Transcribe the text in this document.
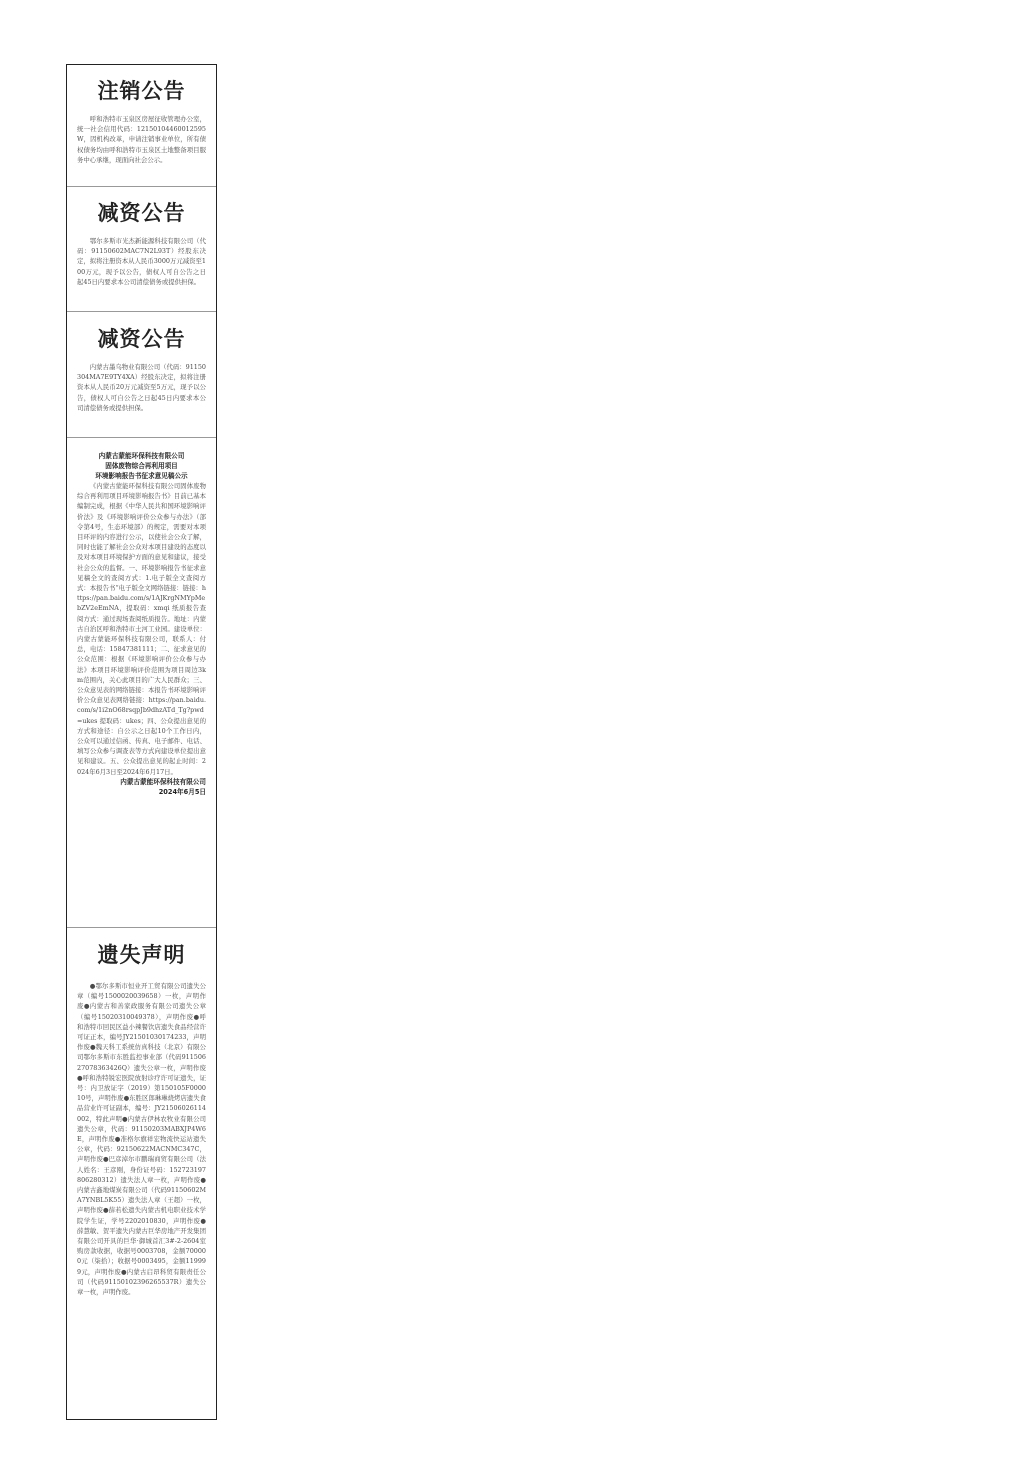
注销公告

呼和浩特市玉泉区房屋征收管理办公室，统一社会信用代码：12150104460012595W，因机构改革，申请注销事业单位，所有债权债务均由呼和浩特市玉泉区土地整备项目服务中心承继，现面向社会公示。

减资公告

鄂尔多斯市光杰新能源科技有限公司（代码：91150602MAC7N2L93T）经股东决定，拟将注册资本从人民币3000万元减资至100万元，现予以公告，债权人可自公告之日起45日内要求本公司清偿债务或提供担保。

减资公告

内蒙古墨乌物业有限公司（代码：91150304MA7E9TY4XA）经股东决定，拟将注册资本从人民币20万元减资至5万元，现予以公告，债权人可自公告之日起45日内要求本公司清偿债务或提供担保。

内蒙古蒙能环保科技有限公司

固体废物综合再利用项目

环境影响报告书征求意见稿公示

《内蒙古蒙能环保科技有限公司固体废物综合再利用项目环境影响报告书》目前已基本编制完成，根据《中华人民共和国环境影响评价法》及《环境影响评价公众参与办法》（部令第4号，生态环境部）的规定，需要对本项目环评的内容进行公示，以使社会公众了解，同时也能了解社会公众对本项目建设的态度以及对本项目环境保护方面的意见和建议，接受社会公众的监督。一、环境影响报告书征求意见稿全文的查阅方式：1.电子版全文查阅方式：本报告书“电子版全文网络链接：链接：https://pan.baidu.com/s/1AJKrgNMYpMebZV2eEmNA，提取码：xmqi 纸质报告查阅方式：通过现场查阅纸质报告。地址：内蒙古自治区呼和浩特市土河工业园。建设单位：内蒙古蒙能环保科技有限公司，联系人：付总，电话：15847381111；二、征求意见的公众范围：根据《环境影响评价公众参与办法》本项目环境影响评价范围为项目周边3km范围内，关心此项目的广大人民群众；三、公众意见表的网络链接：本报告书环境影响评价公众意见表网络链接：https://pan.baidu.com/s/1i2nO68rsqpJb9dhzATd_Tg?pwd=ukes 提取码：ukes；四、公众提出意见的方式和途径：自公示之日起10个工作日内，公众可以通过信函、传真、电子邮件、电话、填写公众参与调查表等方式向建设单位提出意见和建议。五、公众提出意见的起止时间：2024年6月3日至2024年6月17日。

内蒙古蒙能环保科技有限公司

2024年6月5日

遗失声明

●鄂尔多斯市恒业开工贸有限公司遗失公章（编号1500020039658）一枚，声明作废●内蒙古和善家政服务有限公司遗失公章（编号15020310049378），声明作废●呼和浩特市回民区益小辣餐饮店遗失食品经营许可证正本，编号JY21501030174233，声明作废●魏天科工系统仿真科技（北京）有限公司鄂尔多斯市东胜监控事业部（代码91150627078363426Q）遗失公章一枚，声明作废●呼和浩特锐宏医院放射诊疗许可证遗失，证号：内卫放证字（2019）第150105F000010号，声明作废●东胜区郎琳琳烧烤店遗失食品营业许可证副本，编号：JY21506026114002，特此声明●内蒙古伊林农牧业有限公司遗失公章，代码：91150203MABXJP4W6E，声明作废●准格尔旗祥宏物流快运站遗失公章，代码：92150622MACNMC347C，声明作废●巴彦淖尔市鹏瑞商贸有限公司（法人姓名：王彦刚，身份证号码：152723197806280312）遗失法人章一枚，声明作废●内蒙古鑫地煤炭有限公司（代码91150602MA7YNBL5K55）遗失法人章（王超）一枚，声明作废●薛若松遗失内蒙古机电职业技术学院学生证，学号2202010830，声明作废●薛慧敏、贺平遗失内蒙古巨华房地产开发集团有限公司开具的巨华·御城首汇3#-2-2604室购房款收据，收据号0003708，金额700000元（柒拾）；收据号0003495，金额119999元，声明作废●内蒙古启昂科贸有限责任公司（代码91150102396265537R）遗失公章一枚，声明作废。
